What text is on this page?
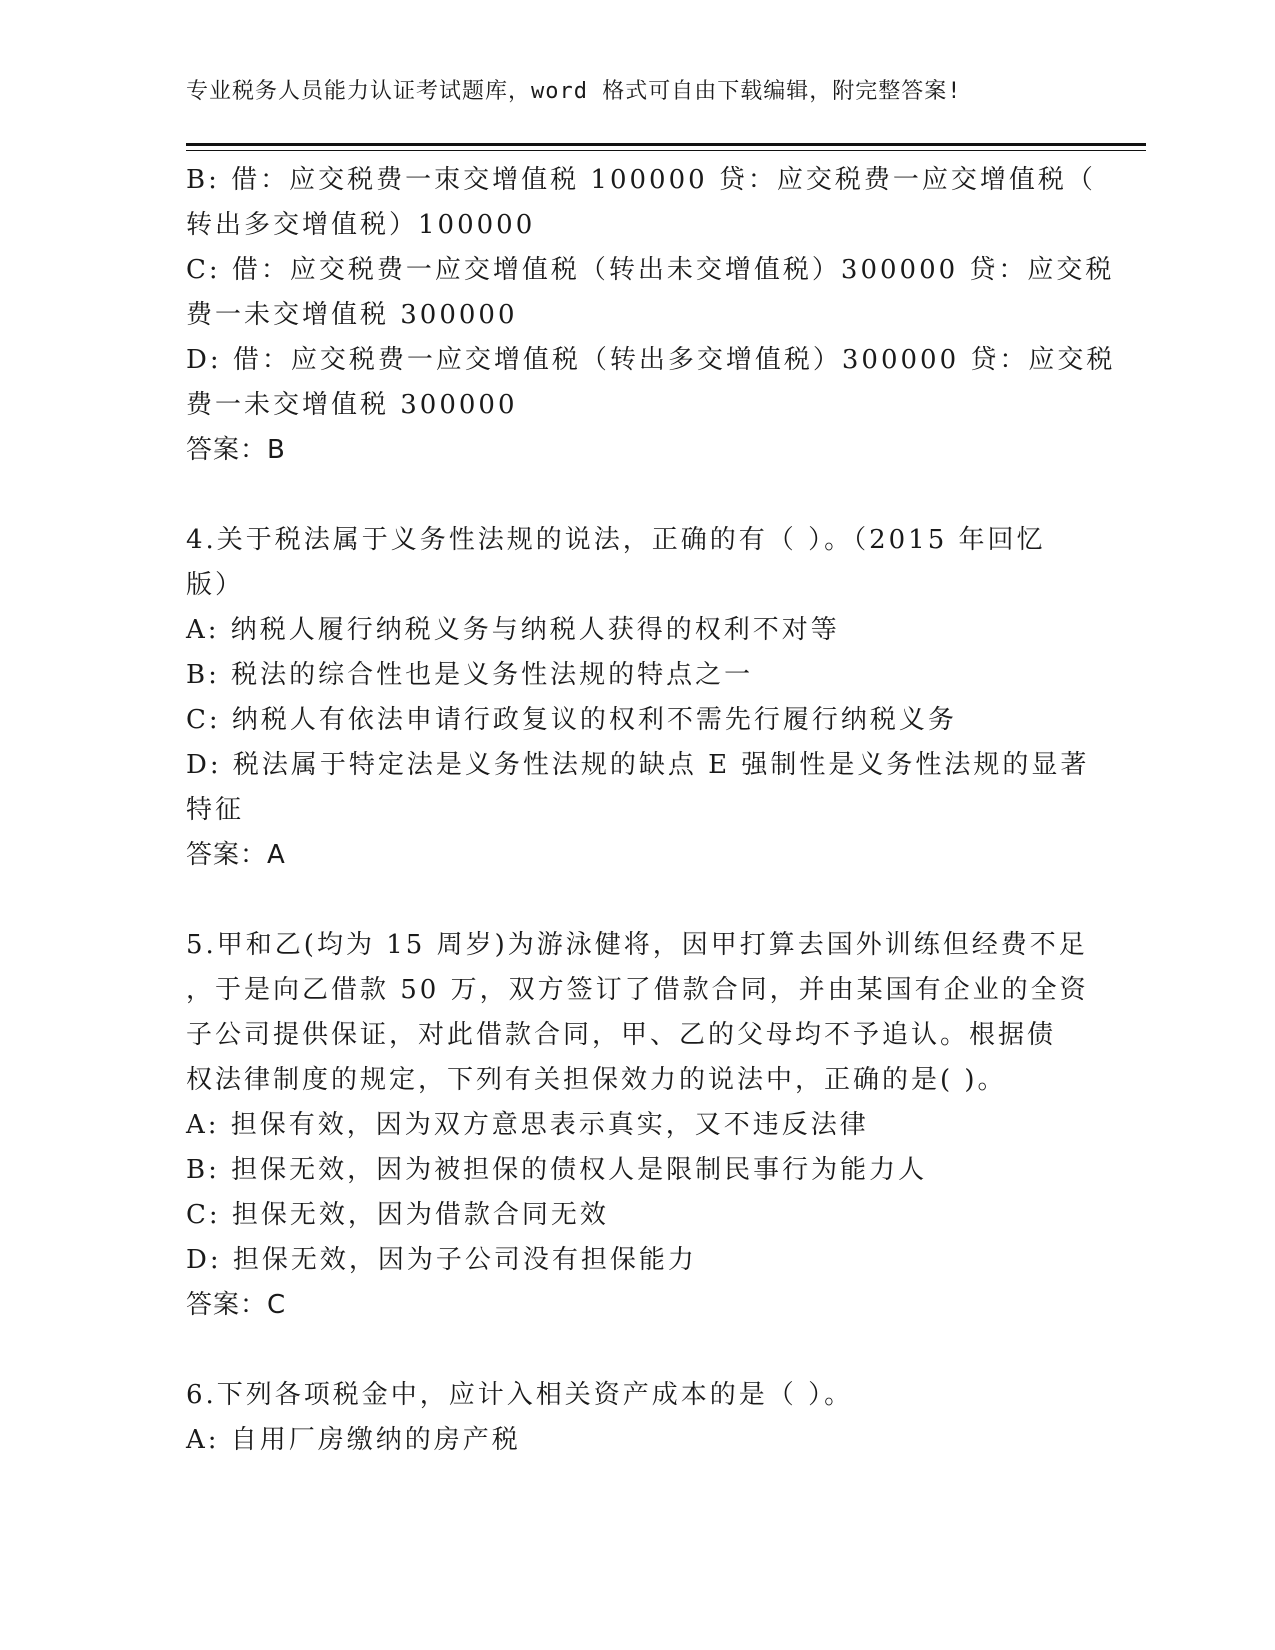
专业税务人员能力认证考试题库，word 格式可自由下载编辑，附完整答案!
B: 借：应交税费一朿交增值税 100000 贷：应交税费一应交增值税（
转出多交增值税）100000
C: 借：应交税费一应交增值税（转出未交增值税）300000 贷：应交税
费一未交增值税 300000
D: 借：应交税费一应交增值税（转出多交增值税）300000 贷：应交税
费一未交增值税 300000
答案：B
4.关于税法属于义务性法规的说法，正确的有（ ）。（2015 年回忆
版）
A: 纳税人履行纳税义务与纳税人获得的权利不对等
B: 税法的综合性也是义务性法规的特点之一
C: 纳税人有依法申请行政复议的权利不需先行履行纳税义务
D: 税法属于特定法是义务性法规的缺点 E 强制性是义务性法规的显著
特征
答案：A
5.甲和乙(均为 15 周岁)为游泳健将，因甲打算去国外训练但经费不足
，于是向乙借款 50 万，双方签订了借款合同，并由某国有企业的全资
子公司提供保证，对此借款合同，甲、乙的父母均不予追认。根据债
权法律制度的规定，下列有关担保效力的说法中，正确的是( )。
A: 担保有效，因为双方意思表示真实，又不违反法律
B: 担保无效，因为被担保的债权人是限制民事行为能力人
C: 担保无效，因为借款合同无效
D: 担保无效，因为子公司没有担保能力
答案：C
6.下列各项税金中，应计入相关资产成本的是（ ）。
A: 自用厂房缴纳的房产税
